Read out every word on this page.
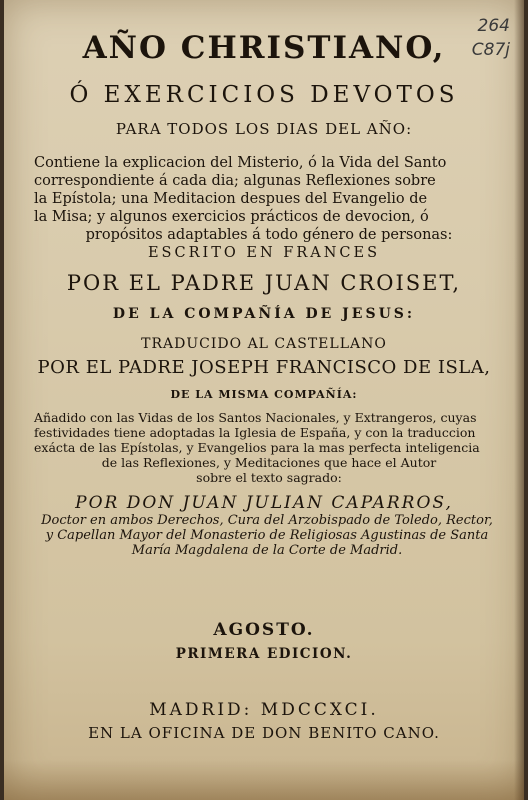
264
C87j
AÑO CHRISTIANO,
Ó EXERCICIOS DEVOTOS
PARA TODOS LOS DIAS DEL AÑO:
Contiene la explicacion del Misterio, ó la Vida del Santo
correspondiente á cada dia; algunas Reflexiones sobre
la Epístola; una Meditacion despues del Evangelio de
la Misa; y algunos exercicios prácticos de devocion, ó
propósitos adaptables á todo género de personas:
ESCRITO EN FRANCES
POR EL PADRE JUAN CROISET,
DE LA COMPAÑÍA DE JESUS:
TRADUCIDO AL CASTELLANO
POR EL PADRE JOSEPH FRANCISCO DE ISLA,
DE LA MISMA COMPAÑÍA:
Añadido con las Vidas de los Santos Nacionales, y Extrangeros, cuyas
festividades tiene adoptadas la Iglesia de España, y con la traduccion
exácta de las Epístolas, y Evangelios para la mas perfecta inteligencia
de las Reflexiones, y Meditaciones que hace el Autor
sobre el texto sagrado:
POR DON JUAN JULIAN CAPARROS,
Doctor en ambos Derechos, Cura del Arzobispado de Toledo, Rector,
y Capellan Mayor del Monasterio de Religiosas Agustinas de Santa
María Magdalena de la Corte de Madrid.
AGOSTO.
PRIMERA EDICION.
MADRID: MDCCXCI.
EN LA OFICINA DE DON BENITO CANO.
